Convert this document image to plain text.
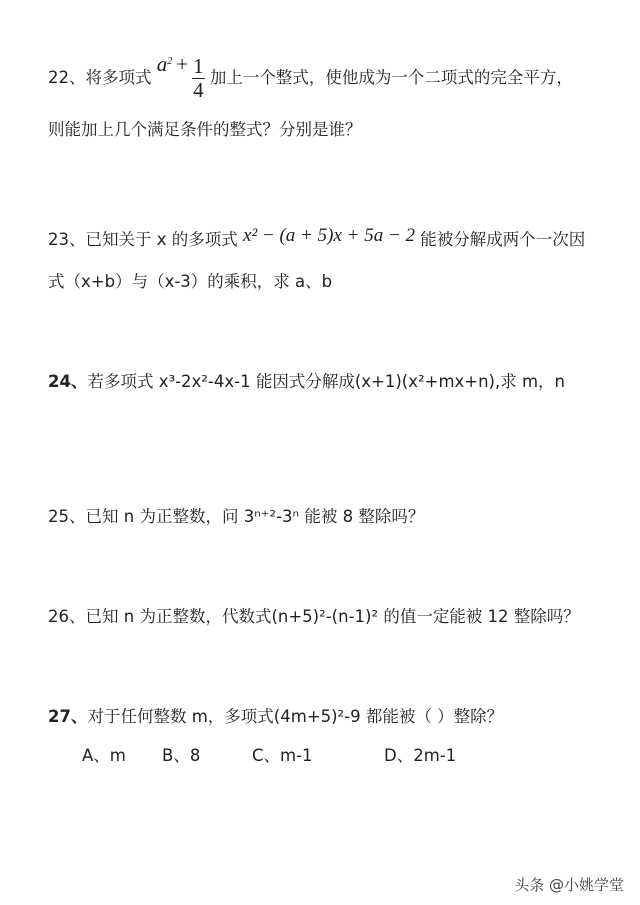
22、将多项式 $a^2 + \frac{1}{4}$ 加上一个整式，使他成为一个二项式的完全平方，
则能加上几个满足条件的整式？分别是谁？
23、已知关于 x 的多项式 x² − (a + 5)x + 5a − 2 能被分解成两个一次因
式（x+b）与（x-3）的乘积，求 a、b
24、若多项式 x³-2x²-4x-1 能因式分解成(x+1)(x²+mx+n),求 m，n
25、已知 n 为正整数，问 3ⁿ⁺²-3ⁿ 能被 8 整除吗？
26、已知 n 为正整数，代数式(n+5)²-(n-1)² 的值一定能被 12 整除吗？
27、对于任何整数 m，多项式(4m+5)²-9 都能被（ ）整除？
A、m B、8	C、m-1	D、2m-1
头条 @小姚学堂
